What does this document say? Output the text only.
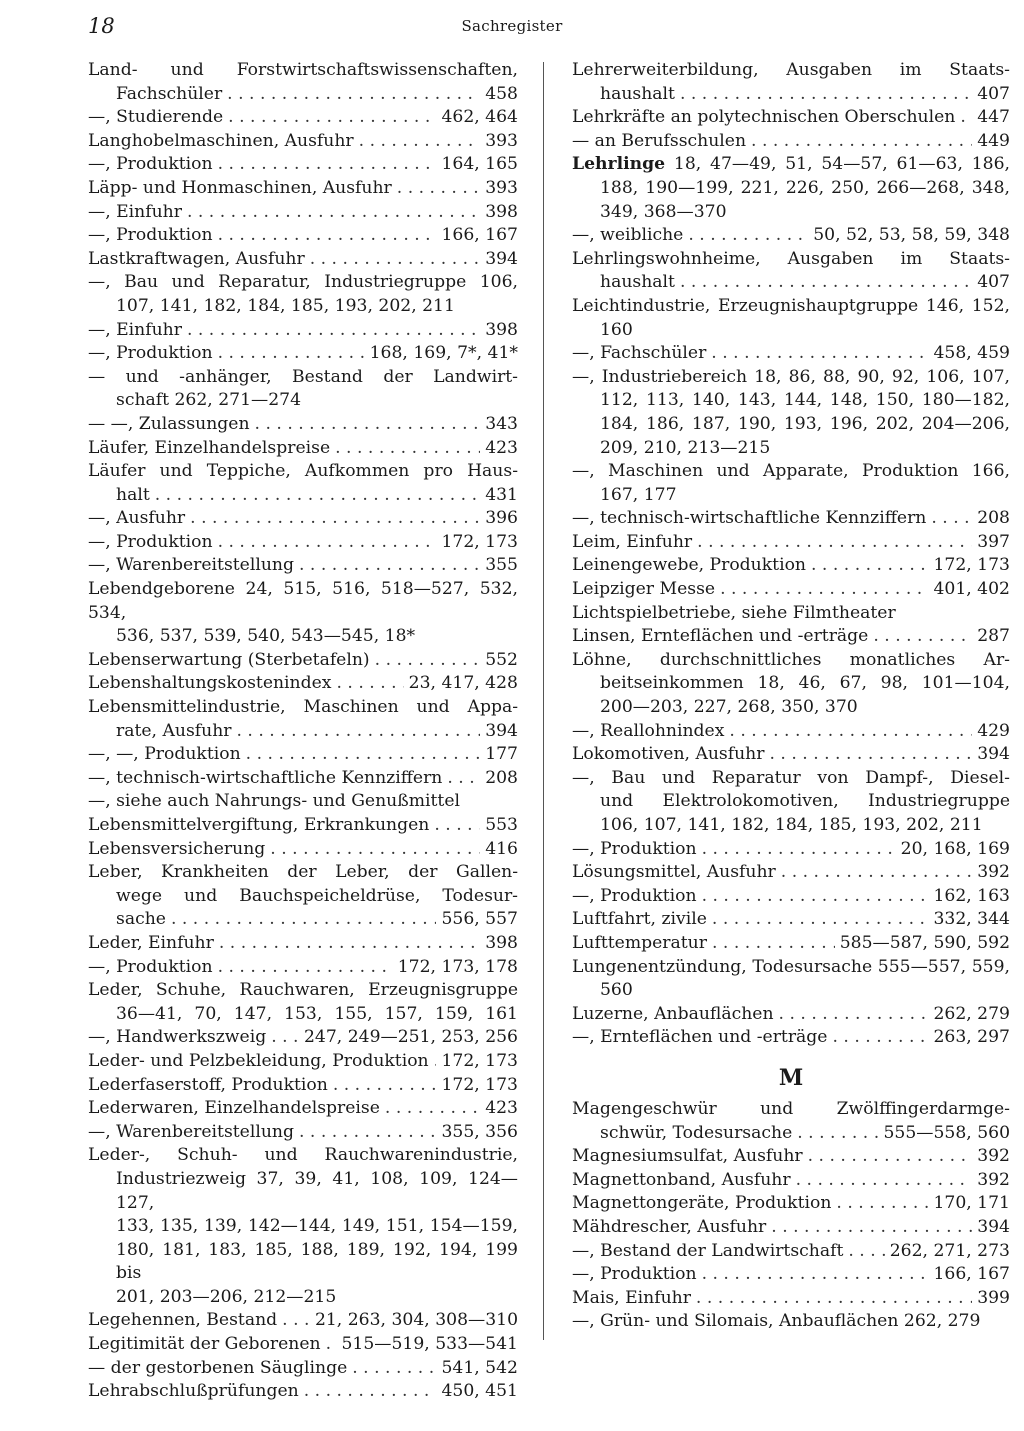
18	Sachregister
Land- und Forstwirtschaftswissenschaften,
Fachschüler . . .	458
—, Studierende . . .	462, 464
Langhobelmaschinen, Ausfuhr . . .	393
—, Produktion . . .	164, 165
Läpp- und Honmaschinen, Ausfuhr . . .	393
—, Einfuhr . . .	398
—, Produktion . . .	166, 167
Lastkraftwagen, Ausfuhr . . .	394
—, Bau und Reparatur, Industriegruppe 106,
107, 141, 182, 184, 185, 193, 202, 211
—, Einfuhr . . .	398
—, Produktion . . .	168, 169, 7*, 41*
— und -anhänger, Bestand der Landwirt-
schaft 262, 271—274
— —, Zulassungen . . .	343
Läufer, Einzelhandelspreise . . .	423
Läufer und Teppiche, Aufkommen pro Haus-
halt . . .	431
—, Ausfuhr . . .	396
—, Produktion . . .	172, 173
—, Warenbereitstellung . . .	355
Lebendgeborene 24, 515, 516, 518—527, 532, 534,
536, 537, 539, 540, 543—545, 18*
Lebenserwartung (Sterbetafeln) . . .	552
Lebenshaltungskostenindex . . .	23, 417, 428
Lebensmittelindustrie, Maschinen und Appa-
rate, Ausfuhr . . .	394
—, —, Produktion . . .	177
—, technisch-wirtschaftliche Kennziffern . . . 208
—, siehe auch Nahrungs- und Genußmittel
Lebensmittelvergiftung, Erkrankungen . . .	553
Lebensversicherung . . .	416
Leber, Krankheiten der Leber, der Gallen-
wege und Bauchspeicheldrüse, Todesur-
sache . . .	556, 557
Leder, Einfuhr . . .	398
—, Produktion . . .	172, 173, 178
Leder, Schuhe, Rauchwaren, Erzeugnisgruppe
36—41, 70, 147, 153, 155, 157, 159, 161
—, Handwerkszweig . . . 247, 249—251, 253, 256
Leder- und Pelzbekleidung, Produktion . . . 172, 173
Lederfaserstoff, Produktion . . .	172, 173
Lederwaren, Einzelhandelspreise . . .	423
—, Warenbereitstellung . . .	355, 356
Leder-, Schuh- und Rauchwarenindustrie,
Industriezweig 37, 39, 41, 108, 109, 124—127,
133, 135, 139, 142—144, 149, 151, 154—159,
180, 181, 183, 185, 188, 189, 192, 194, 199 bis
201, 203—206, 212—215
Legehennen, Bestand . . . 21, 263, 304, 308—310
Legitimität der Geborenen . . . 515—519, 533—541
— der gestorbenen Säuglinge . . .	541, 542
Lehrabschlußprüfungen . . .	450, 451
Lehrerweiterbildung, Ausgaben im Staats-
haushalt . . .	407
Lehrkräfte an polytechnischen Oberschulen . . . 447
— an Berufsschulen . . .	449
Lehrlinge 18, 47—49, 51, 54—57, 61—63, 186,
188, 190—199, 221, 226, 250, 266—268, 348,
349, 368—370
—, weibliche . . .	50, 52, 53, 58, 59, 348
Lehrlingswohnheime, Ausgaben im Staats-
haushalt . . .	407
Leichtindustrie, Erzeugnishauptgruppe 146, 152,
160
—, Fachschüler . . .	458, 459
—, Industriebereich 18, 86, 88, 90, 92, 106, 107,
112, 113, 140, 143, 144, 148, 150, 180—182,
184, 186, 187, 190, 193, 196, 202, 204—206,
209, 210, 213—215
—, Maschinen und Apparate, Produktion 166,
167, 177
—, technisch-wirtschaftliche Kennziffern . . .	208
Leim, Einfuhr . . .	397
Leinengewebe, Produktion . . .	172, 173
Leipziger Messe . . .	401, 402
Lichtspielbetriebe, siehe Filmtheater
Linsen, Ernteflächen und -erträge . . .	287
Löhne, durchschnittliches monatliches Ar-
beitseinkommen 18, 46, 67, 98, 101—104,
200—203, 227, 268, 350, 370
—, Reallohnindex . . .	429
Lokomotiven, Ausfuhr . . .	394
—, Bau und Reparatur von Dampf-, Diesel-
und Elektrolokomotiven, Industriegruppe
106, 107, 141, 182, 184, 185, 193, 202, 211
—, Produktion . . .	20, 168, 169
Lösungsmittel, Ausfuhr . . .	392
—, Produktion . . .	162, 163
Luftfahrt, zivile . . .	332, 344
Lufttemperatur . . .	585—587, 590, 592
Lungenentzündung, Todesursache 555—557, 559,
560
Luzerne, Anbauflächen . . .	262, 279
—, Ernteflächen und -erträge . . .	263, 297
M
Magengeschwür und Zwölffingerdarmge-
schwür, Todesursache . . .	555—558, 560
Magnesiumsulfat, Ausfuhr . . .	392
Magnettonband, Ausfuhr . . .	392
Magnettongeräte, Produktion . . .	170, 171
Mähdrescher, Ausfuhr . . .	394
—, Bestand der Landwirtschaft . . .	262, 271, 273
—, Produktion . . .	166, 167
Mais, Einfuhr . . .	399
—, Grün- und Silomais, Anbauflächen 262, 279
